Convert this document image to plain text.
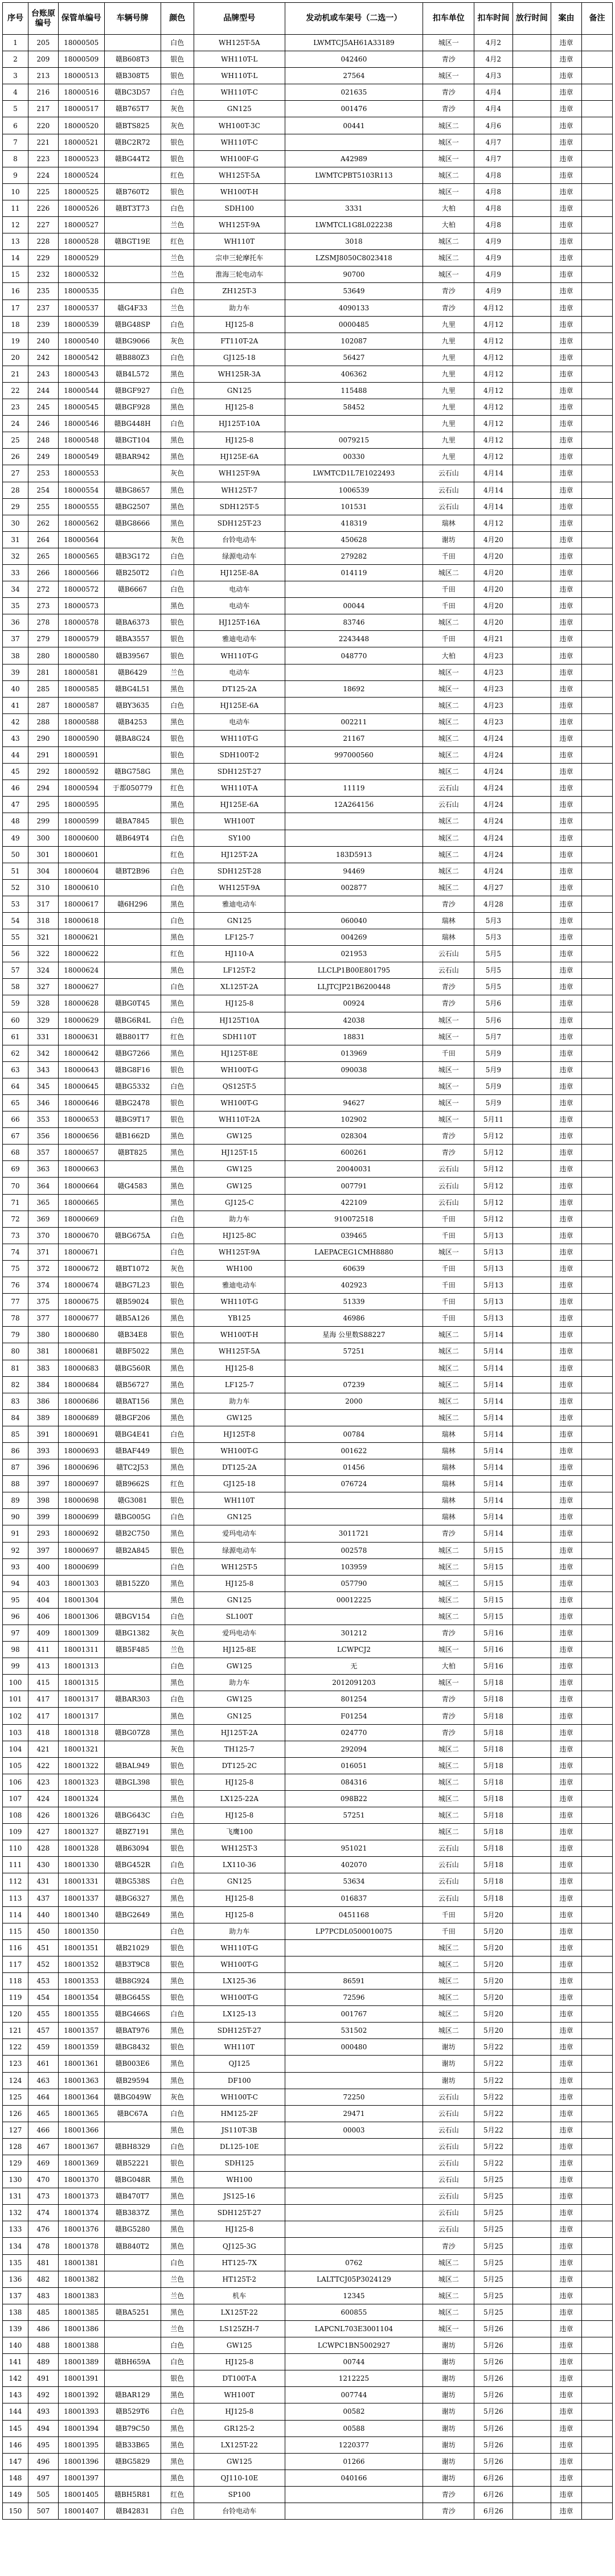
序号	台账原编号	保管单编号	车辆号牌	颜色	品牌型号	发动机或车架号（二选一）	扣车单位	扣车时间	放行时间	案由	备注
1	205	18000505		白色	WH125T-5A	LWMTCJ5AH61A33189	城区一	4月2		违章	
2	209	18000509	赣B608T3	银色	WH110T-L	042460	青沙	4月2		违章	
3	213	18000513	赣B308T5	银色	WH110T-L	27564	城区一	4月3		违章	
4	216	18000516	赣BC3D57	白色	WH110T-C	021635	青沙	4月4		违章	
5	217	18000517	赣B765T7	灰色	GN125	001476	青沙	4月4		违章	
6	220	18000520	赣BTS825	灰色	WH100T-3C	00441	城区二	4月6		违章	
7	221	18000521	赣BC2R72	银色	WH110T-C		城区一	4月7		违章	
8	223	18000523	赣BG44T2	银色	WH100F-G	A42989	城区一	4月7		违章	
9	224	18000524		红色	WH125T-5A	LWMTCPBT5103R113	城区二	4月8		违章	
10	225	18000525	赣B760T2	银色	WH100T-H		城区一	4月8		违章	
11	226	18000526	赣BT3T73	白色	SDH100	3331	大柏	4月8		违章	
12	227	18000527		兰色	WH125T-9A	LWMTCL1G8L022238	大柏	4月8		违章	
13	228	18000528	赣BGT19E	红色	WH110T	3018	城区二	4月9		违章	
14	229	18000529		兰色	宗申三轮摩托车	LZSMJ8050C8023418	城区二	4月9		违章	
15	232	18000532		兰色	淮海三轮电动车	90700	城区一	4月9		违章	
16	235	18000535		白色	ZH125T-3	53649	青沙	4月9		违章	
17	237	18000537	赣G4F33	兰色	助力车	4090133	青沙	4月12		违章	
18	239	18000539	赣BG48SP	白色	HJ125-8	0000485	九里	4月12		违章	
19	240	18000540	赣BG9066	灰色	FT110T-2A	102087	九里	4月12		违章	
20	242	18000542	赣B880Z3	白色	GJ125-18	56427	九里	4月12		违章	
21	243	18000543	赣B4L572	黑色	WH125R-3A	406362	九里	4月12		违章	
22	244	18000544	赣BGF927	白色	GN125	115488	九里	4月12		违章	
23	245	18000545	赣BGF928	黑色	HJ125-8	58452	九里	4月12		违章	
24	246	18000546	赣BG448H	白色	HJ125T-10A		九里	4月12		违章	
25	248	18000548	赣BGT104	黑色	HJ125-8	0079215	九里	4月12		违章	
26	249	18000549	赣BAR942	黑色	HJ125E-6A	00330	九里	4月12		违章	
27	253	18000553		灰色	WH125T-9A	LWMTCD1L7E1022493	云石山	4月14		违章	
28	254	18000554	赣BG8657	黑色	WH125T-7	1006539	云石山	4月14		违章	
29	255	18000555	赣BG2507	黑色	SDH125T-5	101531	云石山	4月14		违章	
30	262	18000562	赣BG8666	黑色	SDH125T-23	418319	瑞林	4月12		违章	
31	264	18000564		灰色	台铃电动车	450628	谢坊	4月20		违章	
32	265	18000565	赣B3G172	白色	绿源电动车	279282	千田	4月20		违章	
33	266	18000566	赣B250T2	白色	HJ125E-8A	014119	城区二	4月20		违章	
34	272	18000572	赣B6667	白色	电动车		千田	4月20		违章	
35	273	18000573		黑色	电动车	00044	千田	4月20		违章	
36	278	18000578	赣BA6373	银色	HJ125T-16A	83746	城区二	4月20		违章	
37	279	18000579	赣BA3557	银色	雅迪电动车	2243448	千田	4月21		违章	
38	280	18000580	赣B39567	银色	WH110T-G	048770	大柏	4月23		违章	
39	281	18000581	赣B6429	兰色	电动车		城区一	4月23		违章	
40	285	18000585	赣BG4L51	黑色	DT125-2A	18692	城区一	4月23		违章	
41	287	18000587	赣BY3635	白色	HJ125E-6A		城区二	4月23		违章	
42	288	18000588	赣B4253	黑色	电动车	002211	城区二	4月23		违章	
43	290	18000590	赣BA8G24	银色	WH110T-G	21167	城区二	4月24		违章	
44	291	18000591		银色	SDH100T-2	997000560	城区二	4月24		违章	
45	292	18000592	赣BG758G	黑色	SDH125T-27		城区二	4月24		违章	
46	294	18000594	于都050779	红色	WH110T-A	11119	云石山	4月24		违章	
47	295	18000595		黑色	HJ125E-6A	12A264156	云石山	4月24		违章	
48	299	18000599	赣BA7845	银色	WH100T		城区二	4月24		违章	
49	300	18000600	赣B649T4	白色	SY100		城区二	4月24		违章	
50	301	18000601		红色	HJ125T-2A	183D5913	城区二	4月24		违章	
51	304	18000604	赣BT2B96	白色	SDH125T-28	94469	城区二	4月24		违章	
52	310	18000610		白色	WH125T-9A	002877	城区二	4月27		违章	
53	317	18000617	赣6H296	黑色	雅迪电动车		青沙	4月28		违章	
54	318	18000618		白色	GN125	060040	瑞林	5月3		违章	
55	321	18000621		黑色	LF125-7	004269	瑞林	5月3		违章	
56	322	18000622		红色	HJ110-A	021953	云石山	5月5		违章	
57	324	18000624		黑色	LF125T-2	LLCLP1B00E801795	云石山	5月5		违章	
58	327	18000627		白色	XL125T-2A	LLJTCJP21B6200448	青沙	5月5		违章	
59	328	18000628	赣BG0T45	黑色	HJ125-8	00924	青沙	5月6		违章	
60	329	18000629	赣BG6R4L	白色	HJ125T10A	42038	城区一	5月6		违章	
61	331	18000631	赣B801T7	红色	SDH110T	18831	城区一	5月7		违章	
62	342	18000642	赣BG7266	黑色	HJ125T-8E	013969	千田	5月9		违章	
63	343	18000643	赣BG8F16	银色	WH100T-G	090038	城区一	5月9		违章	
64	345	18000645	赣BG5332	白色	QS125T-5		城区一	5月9		违章	
65	346	18000646	赣BG2478	银色	WH100T-G	94627	城区一	5月9		违章	
66	353	18000653	赣BG9T17	银色	WH110T-2A	102902	城区一	5月11		违章	
67	356	18000656	赣B1662D	黑色	GW125	028304	青沙	5月12		违章	
68	357	18000657	赣BT825	黑色	HJ125T-15	600261	青沙	5月12		违章	
69	363	18000663		黑色	GW125	20040031	云石山	5月12		违章	
70	364	18000664	赣G4583	黑色	GW125	007791	云石山	5月12		违章	
71	365	18000665		黑色	GJ125-C	422109	云石山	5月12		违章	
72	369	18000669		白色	助力车	910072518	千田	5月12		违章	
73	370	18000670	赣BG675A	白色	HJ125-8C	039465	千田	5月13		违章	
74	371	18000671		白色	WH125T-9A	LAEPACEG1CMH8880	城区一	5月13		违章	
75	372	18000672	赣BT1072	灰色	WH100	60639	千田	5月13		违章	
76	374	18000674	赣BG7L23	银色	雅迪电动车	402923	千田	5月13		违章	
77	375	18000675	赣B59024	银色	WH110T-G	51339	千田	5月13		违章	
78	377	18000677	赣B5A126	黑色	YB125	46986	千田	5月13		违章	
79	380	18000680	赣B34E8	银色	WH100T-H	星海 公里数S88227	城区二	5月14		违章	
80	381	18000681	赣BF5022	黑色	WH125T-5A	57251	城区二	5月14		违章	
81	383	18000683	赣BG560R	黑色	HJ125-8		城区二	5月14		违章	
82	384	18000684	赣B56727	黑色	LF125-7	07239	城区二	5月14		违章	
83	386	18000686	赣BAT156	黑色	助力车	2000	城区二	5月14		违章	
84	389	18000689	赣BGF206	黑色	GW125		城区二	5月14		违章	
85	391	18000691	赣BG4E41	白色	HJ125T-8	00784	瑞林	5月14		违章	
86	393	18000693	赣BAF449	银色	WH100T-G	001622	瑞林	5月14		违章	
87	396	18000696	赣TC2J53	黑色	DT125-2A	01456	瑞林	5月14		违章	
88	397	18000697	赣B9662S	红色	GJ125-18	076724	瑞林	5月14		违章	
89	398	18000698	赣G3081	银色	WH110T		瑞林	5月14		违章	
90	399	18000699	赣BG005G	白色	GN125		瑞林	5月14		违章	
91	293	18000692	赣B2C750	黑色	爱玛电动车	3011721	青沙	5月14		违章	
92	397	18000697	赣B2A845	银色	绿源电动车	002578	城区二	5月15		违章	
93	400	18000699		白色	WH125T-5	103959	城区二	5月15		违章	
94	403	18001303	赣B152Z0	黑色	HJ125-8	057790	城区二	5月15		违章	
95	404	18001304		黑色	GN125	00012225	城区二	5月15		违章	
96	406	18001306	赣BGV154	白色	SL100T		城区二	5月15		违章	
97	409	18001309	赣BG1382	灰色	爱玛电动车	301212	青沙	5月16		违章	
98	411	18001311	赣B5F485	兰色	HJ125-8E	LCWPCJ2	城区一	5月16		违章	
99	413	18001313		白色	GW125	无	大柏	5月16		违章	
100	415	18001315		黑色	助力车	2012091203	城区一	5月18		违章	
101	417	18001317	赣BAR303	白色	GW125	801254	青沙	5月18		违章	
102	417	18001317		黑色	GN125	F01254	青沙	5月18		违章	
103	418	18001318	赣BG07Z8	黑色	HJ125T-2A	024770	青沙	5月18		违章	
104	421	18001321		灰色	TH125-7	292094	城区二	5月18		违章	
105	422	18001322	赣BAL949	银色	DT125-2C	016051	城区二	5月18		违章	
106	423	18001323	赣BGL398	银色	HJ125-8	084316	城区二	5月18		违章	
107	424	18001324		黑色	LX125-22A	098B22	城区二	5月18		违章	
108	426	18001326	赣BG643C	白色	HJ125-8	57251	城区二	5月18		违章	
109	427	18001327	赣BZ7191	黑色	飞鹰100		城区二	5月18		违章	
110	428	18001328	赣B63094	银色	WH125T-3	951021	云石山	5月18		违章	
111	430	18001330	赣BG452R	白色	LX110-36	402070	云石山	5月18		违章	
112	431	18001331	赣BG538S	白色	GN125	53634	云石山	5月18		违章	
113	437	18001337	赣BG6327	黑色	HJ125-8	016837	云石山	5月18		违章	
114	440	18001340	赣BG2649	黑色	HJ125-8	0451168	千田	5月20		违章	
115	450	18001350		白色	助力车	LP7PCDL0500010075	千田	5月20		违章	
116	451	18001351	赣B21029	银色	WH110T-G		城区二	5月20		违章	
117	452	18001352	赣B3T9C8	银色	WH100T-G		城区二	5月20		违章	
118	453	18001353	赣B8G924	黑色	LX125-36	86591	城区二	5月20		违章	
119	454	18001354	赣BG645S	银色	WH100T-G	72596	城区二	5月20		违章	
120	455	18001355	赣BG466S	白色	LX125-13	001767	城区二	5月20		违章	
121	457	18001357	赣BAT976	黑色	SDH125T-27	531502	城区二	5月20		违章	
122	459	18001359	赣BG8432	银色	WH110T	000480	谢坊	5月22		违章	
123	461	18001361	赣B003E6	黑色	QJ125		谢坊	5月22		违章	
124	463	18001363	赣B29594	黑色	DF100		谢坊	5月22		违章	
125	464	18001364	赣BG049W	灰色	WH100T-C	72250	云石山	5月22		违章	
126	465	18001365	赣BC67A	白色	HM125-2F	29471	云石山	5月22		违章	
127	466	18001366		黑色	JS110T-3B	00003	云石山	5月22		违章	
128	467	18001367	赣BH8329	白色	DL125-10E		云石山	5月22		违章	
129	469	18001369	赣B52221	银色	SDH125		云石山	5月22		违章	
130	470	18001370	赣BG048R	黑色	WH100		云石山	5月25		违章	
131	473	18001373	赣B470T7	黑色	JS125-16		云石山	5月25		违章	
132	474	18001374	赣B3837Z	黑色	SDH125T-27		云石山	5月25		违章	
133	476	18001376	赣BG5280	黑色	HJ125-8		云石山	5月25		违章	
134	478	18001378	赣B840T2	黑色	QJ125-3G		青沙	5月25		违章	
135	481	18001381		白色	HT125-7X	0762	城区二	5月25		违章	
136	482	18001382		兰色	HT125T-2	LALTTCJ05P3024129	城区二	5月25		违章	
137	483	18001383		兰色	机车	12345	城区二	5月25		违章	
138	485	18001385	赣BA5251	黑色	LX125T-22	600855	城区二	5月25		违章	
139	486	18001386		兰色	LS125ZH-7	LAPCNL703E3001104	城区一	5月26		违章	
140	488	18001388		白色	GW125	LCWPC1BN5002927	谢坊	5月26		违章	
141	489	18001389	赣BH659A	白色	HJ125-8	00744	谢坊	5月26		违章	
142	491	18001391		银色	DT100T-A	1212225	谢坊	5月26		违章	
143	492	18001392	赣BAR129	黑色	WH100T	007744	谢坊	5月26		违章	
144	493	18001393	赣B529T6	白色	HJ125-8	00582	谢坊	5月26		违章	
145	494	18001394	赣B79C50	黑色	GR125-2	00588	谢坊	5月26		违章	
146	495	18001395	赣B33B65	黑色	LX125T-22	1220377	谢坊	5月26		违章	
147	496	18001396	赣BG5829	黑色	GW125	01266	谢坊	5月26		违章	
148	497	18001397		黑色	QJ110-10E	040166	谢坊	6月26		违章	
149	505	18001405	赣BH5R81	红色	SP100		青沙	6月26		违章	
150	507	18001407	赣B42831	白色	台铃电动车		青沙	6月26		违章	
